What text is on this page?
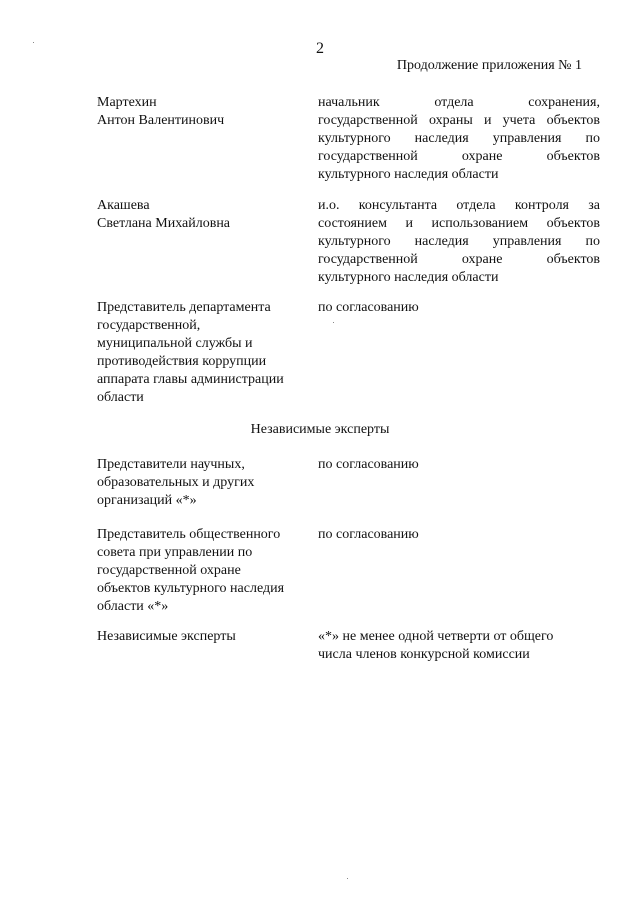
2
Продолжение приложения № 1
Мартехин
Антон Валентинович
начальник отдела сохранения,
государственной охраны и учета объектов
культурного наследия управления по
государственной охране объектов
культурного наследия области
Акашева
Светлана Михайловна
и.о. консультанта отдела контроля за
состоянием и использованием объектов
культурного наследия управления по
государственной охране объектов
культурного наследия области
Представитель департамента
государственной,
муниципальной службы и
противодействия коррупции
аппарата главы администрации
области
по согласованию
Независимые эксперты
Представители научных,
образовательных и других
организаций «*»
по согласованию
Представитель общественного
совета при управлении по
государственной охране
объектов культурного наследия
области «*»
по согласованию
Независимые эксперты	«*» не менее одной четверти от общего
числа членов конкурсной комиссии
